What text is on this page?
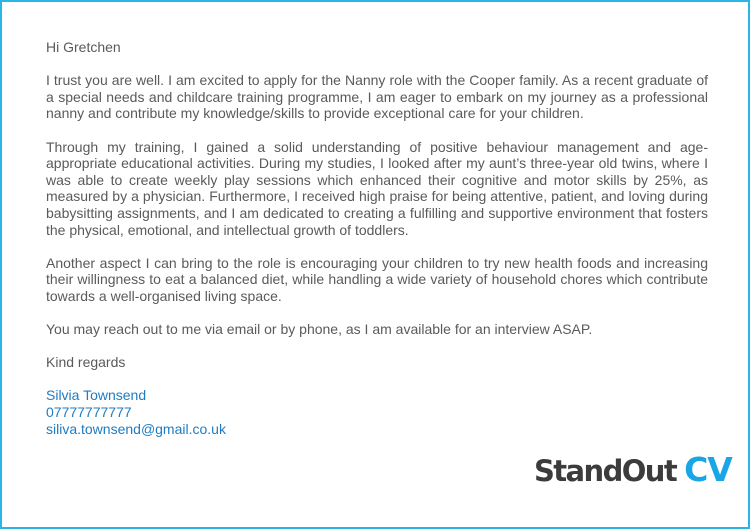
Hi Gretchen

I trust you are well. I am excited to apply for the Nanny role with the Cooper family. As a recent graduate of a special needs and childcare training programme, I am eager to embark on my journey as a professional nanny and contribute my knowledge/skills to provide exceptional care for your children.

Through my training, I gained a solid understanding of positive behaviour management and age-appropriate educational activities. During my studies, I looked after my aunt’s three-year old twins, where I was able to create weekly play sessions which enhanced their cognitive and motor skills by 25%, as measured by a physician. Furthermore, I received high praise for being attentive, patient, and loving during babysitting assignments, and I am dedicated to creating a fulfilling and supportive environment that fosters the physical, emotional, and intellectual growth of toddlers.

Another aspect I can bring to the role is encouraging your children to try new health foods and increasing their willingness to eat a balanced diet, while handling a wide variety of household chores which contribute towards a well-organised living space.

You may reach out to me via email or by phone, as I am available for an interview ASAP.

Kind regards

Silvia Townsend
07777777777
siliva.townsend@gmail.co.uk
StandOut CV
